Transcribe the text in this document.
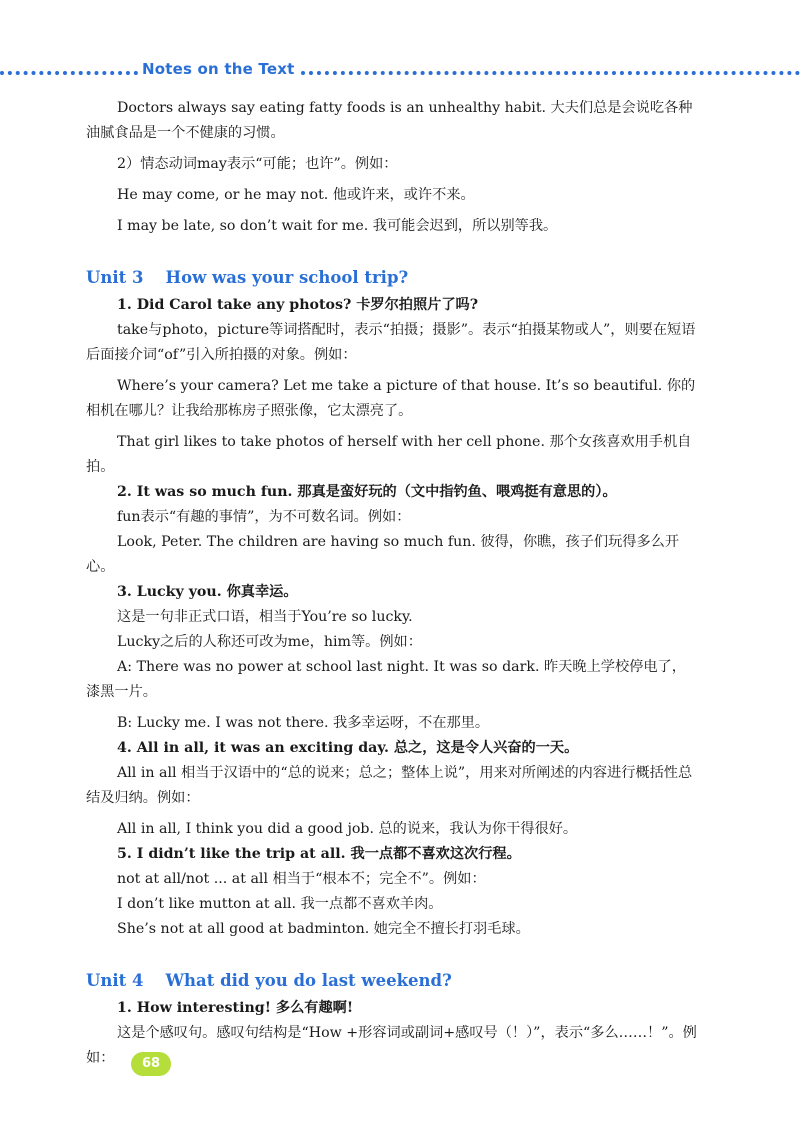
Notes on the Text

Doctors always say eating fatty foods is an unhealthy habit. 大夫们总是会说吃各种油腻食品是一个不健康的习惯。

2）情态动词may表示“可能；也许”。例如：

He may come, or he may not. 他或许来，或许不来。

I may be late, so don’t wait for me. 我可能会迟到，所以别等我。

Unit 3 How was your school trip?

1. Did Carol take any photos? 卡罗尔拍照片了吗?

take与photo，picture等词搭配时，表示“拍摄；摄影”。表示“拍摄某物或人”，则要在短语后面接介词“of”引入所拍摄的对象。例如：

Where’s your camera? Let me take a picture of that house. It’s so beautiful. 你的相机在哪儿？让我给那栋房子照张像，它太漂亮了。

That girl likes to take photos of herself with her cell phone. 那个女孩喜欢用手机自拍。

2. It was so much fun. 那真是蛮好玩的（文中指钓鱼、喂鸡挺有意思的）。

fun表示“有趣的事情”，为不可数名词。例如：

Look, Peter. The children are having so much fun. 彼得，你瞧，孩子们玩得多么开心。

3. Lucky you. 你真幸运。

这是一句非正式口语，相当于You’re so lucky.

Lucky之后的人称还可改为me，him等。例如：

A: There was no power at school last night. It was so dark. 昨天晚上学校停电了，漆黑一片。

B: Lucky me. I was not there. 我多幸运呀，不在那里。

4. All in all, it was an exciting day. 总之，这是令人兴奋的一天。

All in all 相当于汉语中的“总的说来；总之；整体上说”，用来对所阐述的内容进行概括性总结及归纳。例如：

All in all, I think you did a good job. 总的说来，我认为你干得很好。

5. I didn’t like the trip at all. 我一点都不喜欢这次行程。

not at all/not ... at all 相当于“根本不；完全不”。例如：

I don’t like mutton at all. 我一点都不喜欢羊肉。

She’s not at all good at badminton. 她完全不擅长打羽毛球。

Unit 4 What did you do last weekend?

1. How interesting! 多么有趣啊!

这是个感叹句。感叹句结构是“How +形容词或副词+感叹号（！）”，表示“多么……！”。例如：	68
